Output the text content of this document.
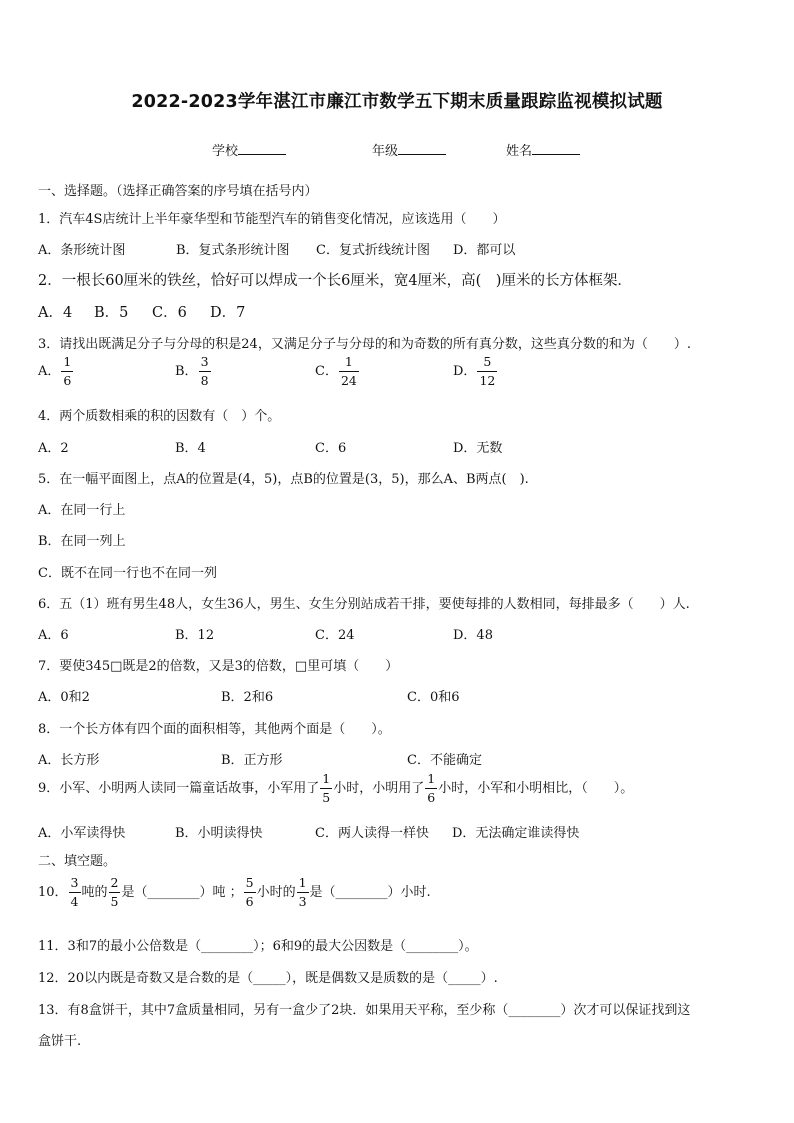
2022-2023学年湛江市廉江市数学五下期末质量跟踪监视模拟试题
学校	年级	姓名
一、选择题。（选择正确答案的序号填在括号内）
1．汽车4S店统计上半年豪华型和节能型汽车的销售变化情况，应该选用（　　）
A．条形统计图	B．复式条形统计图 C．复式折线统计图 D．都可以
2．一根长60厘米的铁丝，恰好可以焊成一个长6厘米，宽4厘米，高(　)厘米的长方体框架．
A．4 B．5 C．6 D．7
3．请找出既满足分子与分母的积是24，又满足分子与分母的和为奇数的所有真分数，这些真分数的和为（　　）.
A． $\frac{1}{6}$	B． $\frac{3}{8}$	C． $\frac{1}{24}$	D． $\frac{5}{12}$
4．两个质数相乘的积的因数有（　）个。
A．2	B．4	C．6	D．无数
5．在一幅平面图上，点A的位置是(4，5)，点B的位置是(3，5)，那么A、B两点(　).
A．在同一行上
B．在同一列上
C．既不在同一行也不在同一列
6．五（1）班有男生48人，女生36人，男生、女生分别站成若干排，要使每排的人数相同，每排最多（　　）人.
A．6	B．12	C．24	D．48
7．要使345□既是2的倍数，又是3的倍数，□里可填（　　）
A．0和2	B．2和6	C．0和6
8．一个长方体有四个面的面积相等，其他两个面是（　　）。
A．长方形	B．正方形	C．不能确定
9．小军、小明两人读同一篇童话故事，小军用了 $\frac{1}{5}$ 小时，小明用了 $\frac{1}{6}$ 小时，小军和小明相比，（　　）。
A．小军读得快	B．小明读得快	C．两人读得一样快 D．无法确定谁读得快
二、填空题。
10． $\frac{3}{4}$ 吨的 $\frac{2}{5}$ 是（________）吨 ； $\frac{5}{6}$ 小时的 $\frac{1}{3}$ 是（________）小时.
11．3和7的最小公倍数是（________）；6和9的最大公因数是（________）。
12．20以内既是奇数又是合数的是（_____），既是偶数又是质数的是（_____）.
13．有8盒饼干，其中7盒质量相同，另有一盒少了2块．如果用天平称，至少称（________）次才可以保证找到这
盒饼干.
